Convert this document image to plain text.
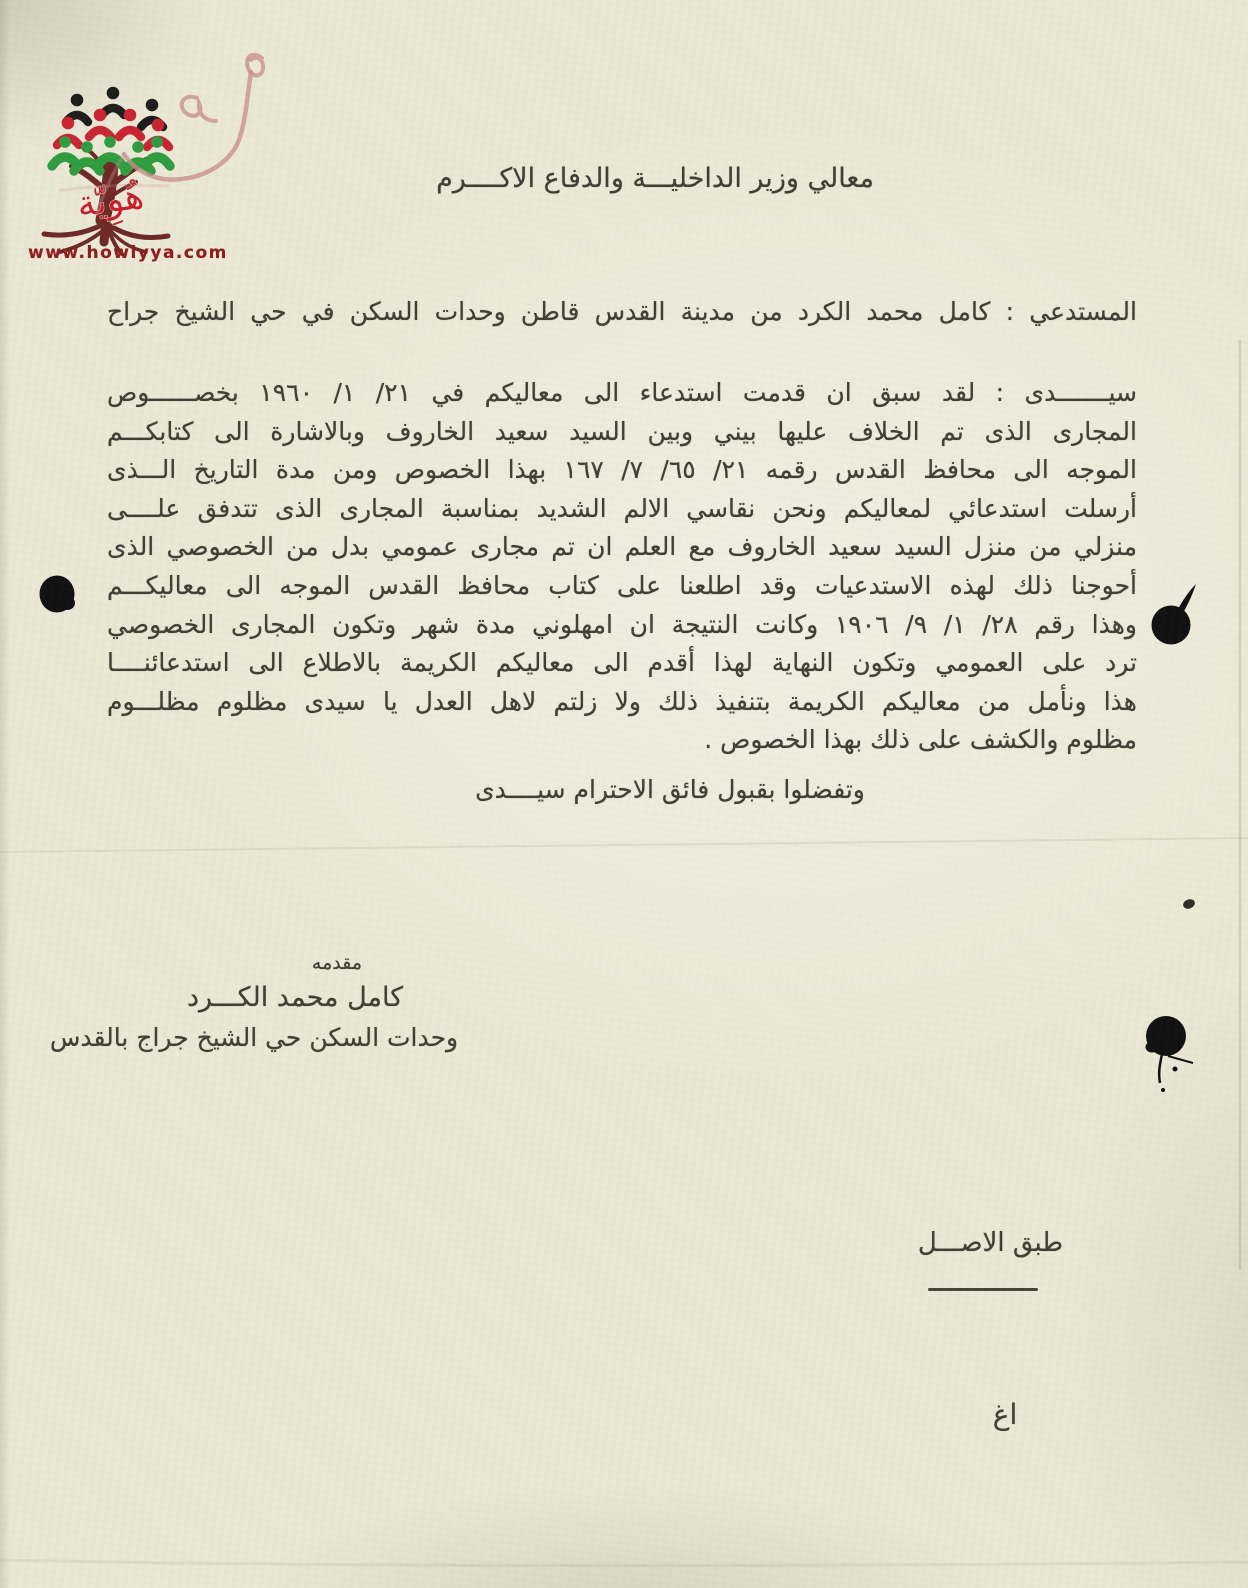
هُوِيّة
www.howiyya.com
معالي وزير الداخليـــة والدفاع الاكــــرم
المستدعي : كامل محمد الكرد من مدينة القدس قاطن وحدات السكن في حي الشيخ جراح
سيـــــــدى : لقد سبق ان قدمت استدعاء الى معاليكم في ٢١/ ١/ ١٩٦٠ بخصــــــوص
المجارى الذى تم الخلاف عليها بيني وبين السيد سعيد الخاروف وبالاشارة الى كتابكـــم
الموجه الى محافظ القدس رقمه ٢١/ ٦٥/ ٧/ ١٦٧ بهذا الخصوص ومن مدة التاريخ الـــذى
أرسلت استدعائي لمعاليكم ونحن نقاسي الالم الشديد بمناسبة المجارى الذى تتدفق علــــى
منزلي من منزل السيد سعيد الخاروف مع العلم ان تم مجارى عمومي بدل من الخصوصي الذى
أحوجنا ذلك لهذه الاستدعيات وقد اطلعنا على كتاب محافظ القدس الموجه الى معاليكـــم
وهذا رقم ٢٨/ ١/ ٩/ ١٩٠٦ وكانت النتيجة ان امهلوني مدة شهر وتكون المجارى الخصوصي
ترد على العمومي وتكون النهاية لهذا أقدم الى معاليكم الكريمة بالاطلاع الى استدعائنــــا
هذا ونأمل من معاليكم الكريمة بتنفيذ ذلك ولا زلتم لاهل العدل يا سيدى مظلوم مظلـــوم
مظلوم والكشف على ذلك بهذا الخصوص .
وتفضلوا بقبول فائق الاحترام سيــــدى
مقدمه
كامل محمد الكـــرد
وحدات السكن حي الشيخ جراج بالقدس
طبق الاصـــل
اغ
